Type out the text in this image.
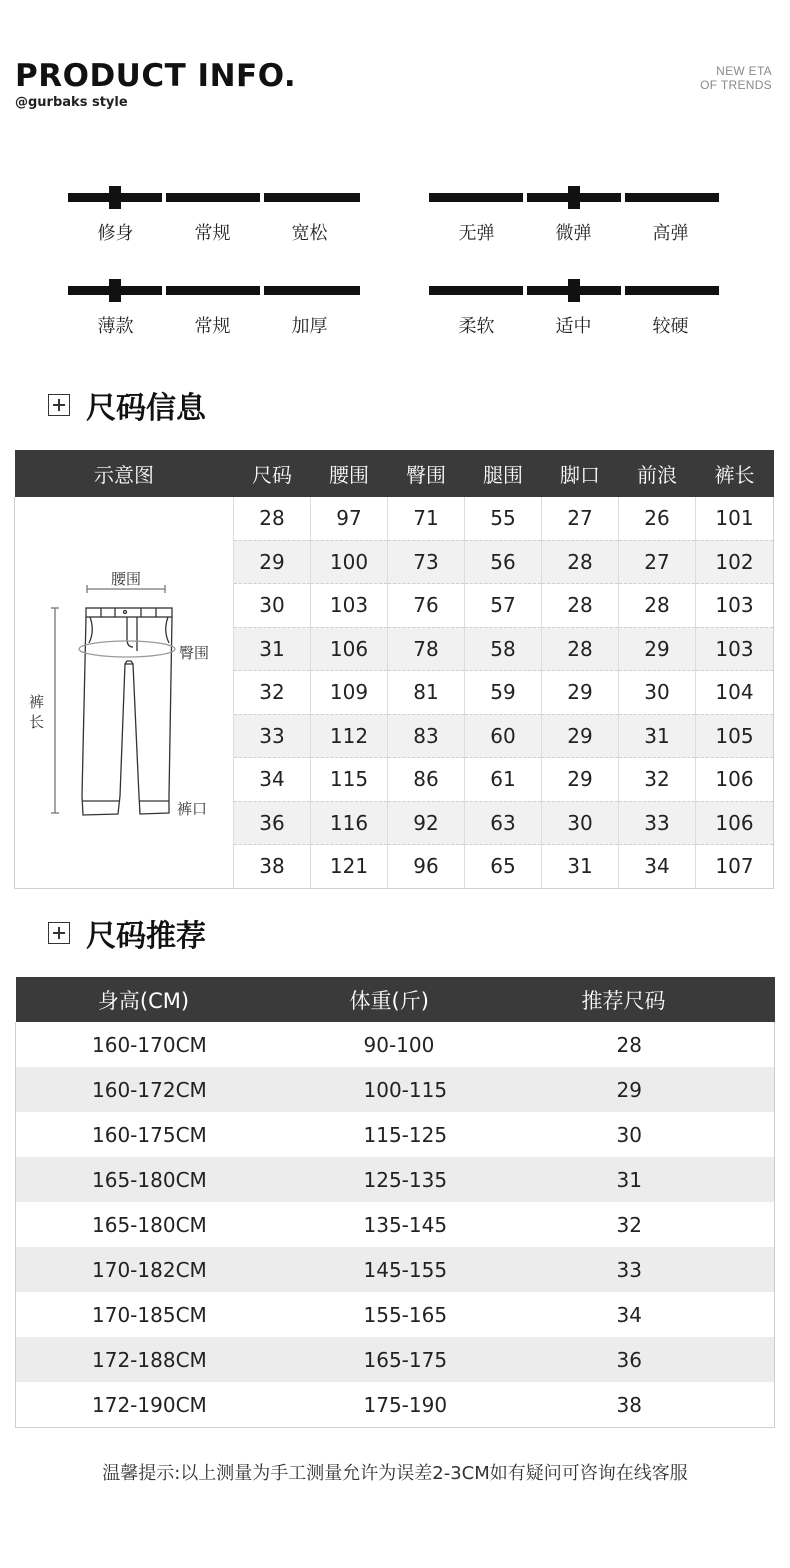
PRODUCT INFO.
@gurbaks style
NEW ETA
OF TRENDS
修身	常规	宽松	无弹	微弹	高弹
薄款	常规	加厚	柔软	适中	较硬
尺码信息
示意图	尺码	腰围	臀围	腿围	脚口	前浪	裤长

腰围
臀围
裤
长
裤口	28	97	71	55	27	26	101
	29	100	73	56	28	27	102
	30	103	76	57	28	28	103
	31	106	78	58	28	29	103
	32	109	81	59	29	30	104
	33	112	83	60	29	31	105
	34	115	86	61	29	32	106
	36	116	92	63	30	33	106
	38	121	96	65	31	34	107
尺码推荐
身高(CM)	体重(斤)	推荐尺码
160-170CM	90-100	28
160-172CM	100-115	29
160-175CM	115-125	30
165-180CM	125-135	31
165-180CM	135-145	32
170-182CM	145-155	33
170-185CM	155-165	34
172-188CM	165-175	36
172-190CM	175-190	38
温馨提示:以上测量为手工测量允许为误差2-3CM如有疑问可咨询在线客服
